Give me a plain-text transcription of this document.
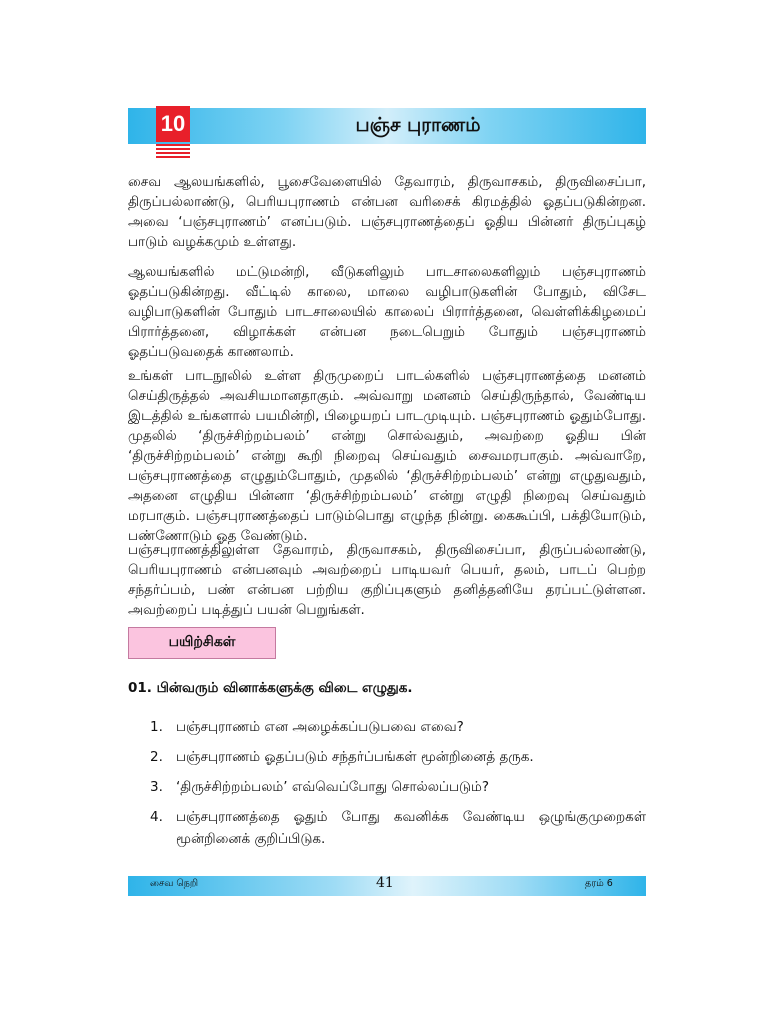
10	பஞ்ச புராணம்

சைவ ஆலயங்களில், பூசைவேளையில் தேவாரம், திருவாசகம், திருவிசைப்பா, திருப்பல்லாண்டு, பெரியபுராணம் என்பன வரிசைக் கிரமத்தில் ஓதப்படுகின்றன. அவை ‘பஞ்சபுராணம்’ எனப்படும். பஞ்சபுராணத்தைப் ஓதிய பின்னர் திருப்புகழ் பாடும் வழக்கமும் உள்ளது.

ஆலயங்களில் மட்டுமன்றி, வீடுகளிலும் பாடசாலைகளிலும் பஞ்சபுராணம் ஓதப்படுகின்றது. வீட்டில் காலை, மாலை வழிபாடுகளின் போதும், விசேட வழிபாடுகளின் போதும் பாடசாலையில் காலைப் பிரார்த்தனை, வெள்ளிக்கிழமைப் பிரார்த்தனை, விழாக்கள் என்பன நடைபெறும் போதும் பஞ்சபுராணம் ஓதப்படுவதைக் காணலாம்.

உங்கள் பாடநூலில் உள்ள திருமுறைப் பாடல்களில் பஞ்சபுராணத்தை மனனம் செய்திருத்தல் அவசியமானதாகும். அவ்வாறு மனனம் செய்திருந்தால், வேண்டிய இடத்தில் உங்களால் பயமின்றி, பிழையறப் பாடமுடியும். பஞ்சபுராணம் ஓதும்போது. முதலில் ‘திருச்சிற்றம்பலம்’ என்று சொல்வதும், அவற்றை ஓதிய பின் ‘திருச்சிற்றம்பலம்’ என்று கூறி நிறைவு செய்வதும் சைவமரபாகும். அவ்வாறே, பஞ்சபுராணத்தை எழுதும்போதும், முதலில் ‘திருச்சிற்றம்பலம்’ என்று எழுதுவதும், அதனை எழுதிய பின்னா ‘திருச்சிற்றம்பலம்’ என்று எழுதி நிறைவு செய்வதும் மரபாகும். பஞ்சபுராணத்தைப் பாடும்பொது எழுந்த நின்று. கைகூப்பி, பக்தியோடும், பண்ணோடும் ஓத வேண்டும்.

பஞ்சபுராணத்திலுள்ள தேவாரம், திருவாசகம், திருவிசைப்பா, திருப்பல்லாண்டு, பெரியபுராணம் என்பனவும் அவற்றைப் பாடியவர் பெயர், தலம், பாடப் பெற்ற சந்தர்ப்பம், பண் என்பன பற்றிய குறிப்புகளும் தனித்தனியே தரப்பட்டுள்ளன. அவற்றைப் படித்துப் பயன் பெறுங்கள்.

பயிற்சிகள்

01. பின்வரும் வினாக்களுக்கு விடை எழுதுக.

1. பஞ்சபுராணம் என அழைக்கப்படுபவை எவை?
2. பஞ்சபுராணம் ஓதப்படும் சந்தர்ப்பங்கள் மூன்றினைத் தருக.
3. ‘திருச்சிற்றம்பலம்’ எவ்வெப்போது சொல்லப்படும்?
4. பஞ்சபுராணத்தை ஓதும் போது கவனிக்க வேண்டிய ஒழுங்குமுறைகள் மூன்றினைக் குறிப்பிடுக.
சைவ நெறி	41	தரம் 6
